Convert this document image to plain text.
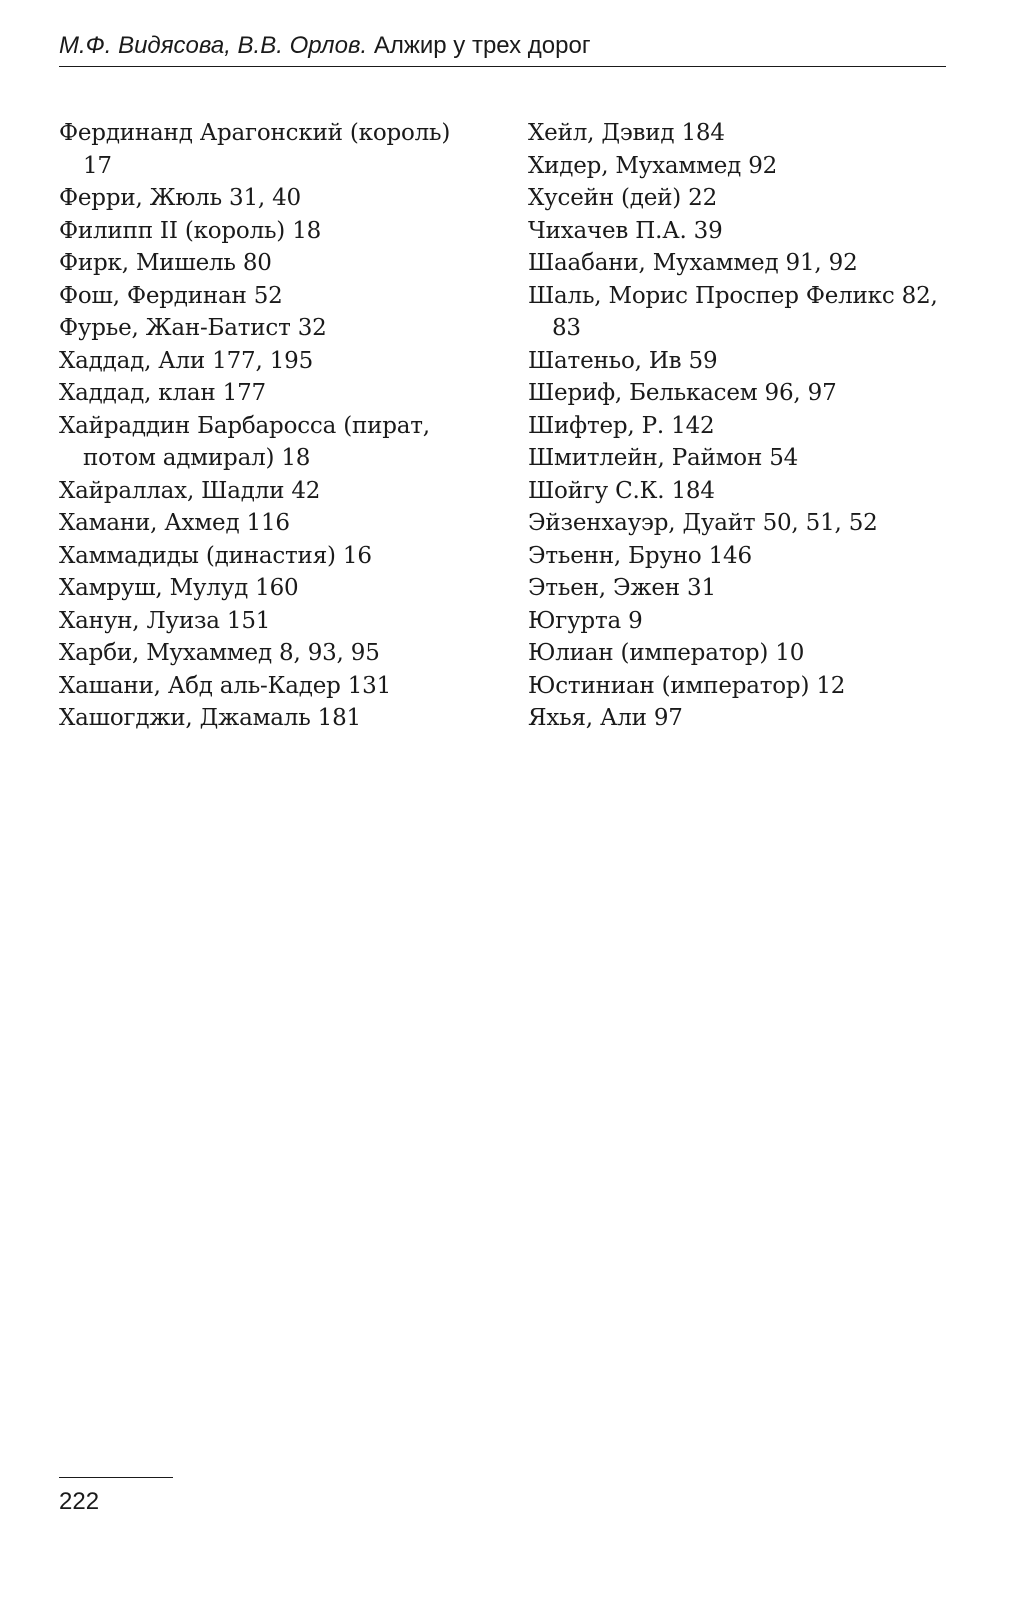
М.Ф. Видясова, В.В. Орлов. Алжир у трех дорог
Фердинанд Арагонский (король) 17
Ферри, Жюль 31, 40
Филипп II (король) 18
Фирк, Мишель 80
Фош, Фердинан 52
Фурье, Жан-Батист 32
Хаддад, Али 177, 195
Хаддад, клан 177
Хайраддин Барбаросса (пират, потом адмирал) 18
Хайраллах, Шадли 42
Хамани, Ахмед 116
Хаммадиды (династия) 16
Хамруш, Мулуд 160
Ханун, Луиза 151
Харби, Мухаммед 8, 93, 95
Хашани, Абд аль-Кадер 131
Хашогджи, Джамаль 181
Хейл, Дэвид 184
Хидер, Мухаммед 92
Хусейн (дей) 22
Чихачев П.А. 39
Шаабани, Мухаммед 91, 92
Шаль, Морис Проспер Феликс 82, 83
Шатеньо, Ив 59
Шериф, Белькасем 96, 97
Шифтер, Р. 142
Шмитлейн, Раймон 54
Шойгу С.К. 184
Эйзенхауэр, Дуайт 50, 51, 52
Этьенн, Бруно 146
Этьен, Эжен 31
Югурта 9
Юлиан (император) 10
Юстиниан (император) 12
Яхья, Али 97
222
